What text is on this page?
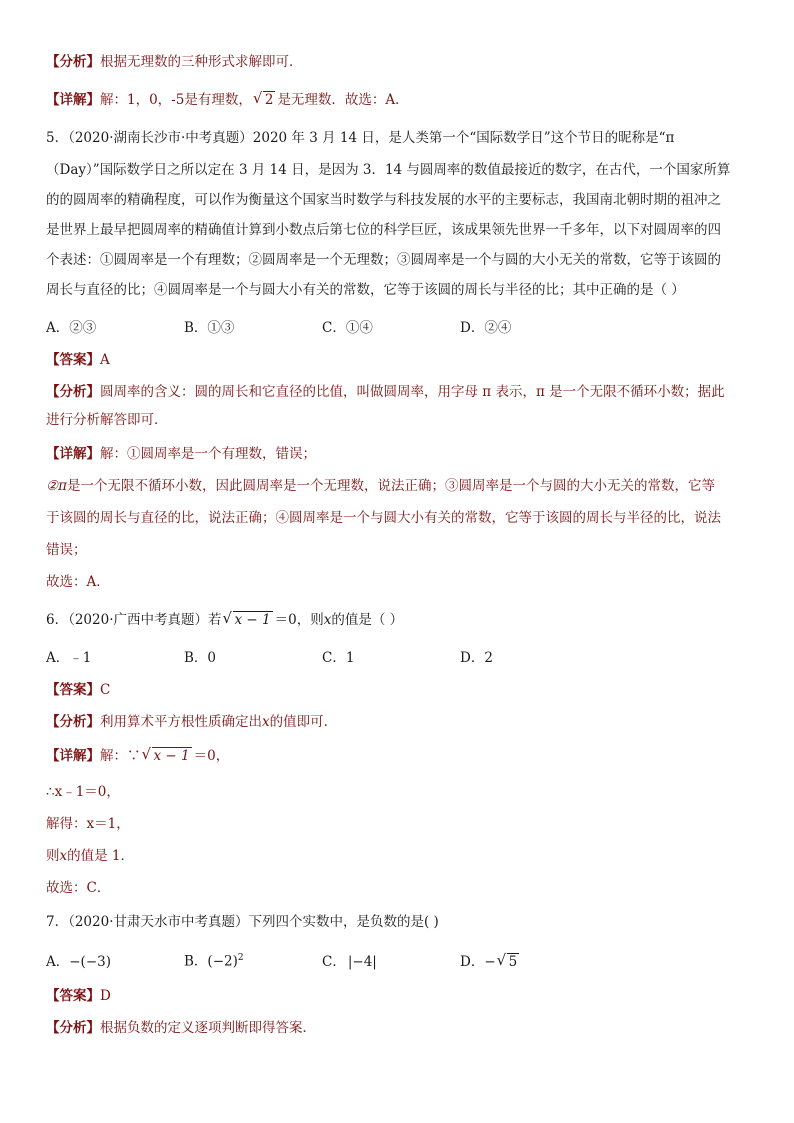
【分析】根据无理数的三种形式求解即可．
【详解】解：1，0，-5是有理数， √ 2 是无理数．故选：A．
5．（2020·湖南长沙市·中考真题）2020 年 3 月 14 日，是人类第一个“国际数学日”这个节日的昵称是“π
（Day）”国际数学日之所以定在 3 月 14 日，是因为 3．14 与圆周率的数值最接近的数字，在古代，一个国家所算
的的圆周率的精确程度，可以作为衡量这个国家当时数学与科技发展的水平的主要标志，我国南北朝时期的祖冲之
是世界上最早把圆周率的精确值计算到小数点后第七位的科学巨匠，该成果领先世界一千多年，以下对圆周率的四
个表述：①圆周率是一个有理数；②圆周率是一个无理数；③圆周率是一个与圆的大小无关的常数，它等于该圆的
周长与直径的比；④圆周率是一个与圆大小有关的常数，它等于该圆的周长与半径的比；其中正确的是（ ）
A．②③	B．①③	C．①④	D．②④
【答案】A
【分析】圆周率的含义：圆的周长和它直径的比值，叫做圆周率，用字母 π 表示，π 是一个无限不循环小数；据此
进行分析解答即可．
【详解】解：①圆周率是一个有理数，错误；
②π是一个无限不循环小数，因此圆周率是一个无理数，说法正确；③圆周率是一个与圆的大小无关的常数，它等
于该圆的周长与直径的比，说法正确；④圆周率是一个与圆大小有关的常数，它等于该圆的周长与半径的比，说法
错误；
故选：A．
6．（2020·广西中考真题）若 √ x − 1 ＝0，则x的值是（ ）
A．﹣1	B．0	C．1	D．2
【答案】C
【分析】利用算术平方根性质确定出x的值即可．
【详解】解：∵ √ x − 1 ＝0，
∴x﹣1＝0，
解得：x＝1，
则x的值是 1．
故选：C．
7．（2020·甘肃天水市中考真题）下列四个实数中，是负数的是( )
A．−(−3)	B．$(-2)^2$	C． |−4|	D．− √ 5
【答案】D
【分析】根据负数的定义逐项判断即得答案．
